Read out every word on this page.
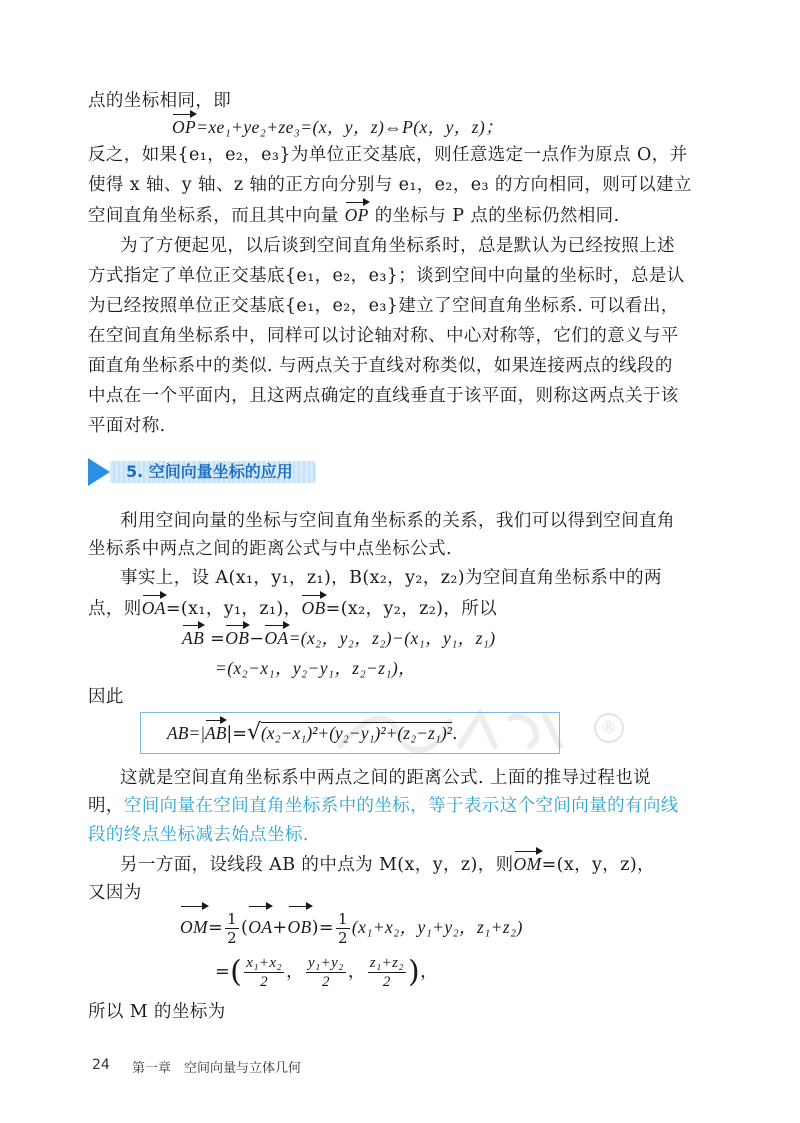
点的坐标相同，即
OP=xe₁+ye₂+ze₃=(x，y，z)⇔P(x，y，z)；
反之，如果{e₁，e₂，e₃}为单位正交基底，则任意选定一点作为原点 O，并
使得 x 轴、y 轴、z 轴的正方向分别与 e₁，e₂，e₃ 的方向相同，则可以建立
空间直角坐标系，而且其中向量 OP 的坐标与 P 点的坐标仍然相同.
为了方便起见，以后谈到空间直角坐标系时，总是默认为已经按照上述
方式指定了单位正交基底{e₁，e₂，e₃}；谈到空间中向量的坐标时，总是认
为已经按照单位正交基底{e₁，e₂，e₃}建立了空间直角坐标系. 可以看出，
在空间直角坐标系中，同样可以讨论轴对称、中心对称等，它们的意义与平
面直角坐标系中的类似. 与两点关于直线对称类似，如果连接两点的线段的
中点在一个平面内，且这两点确定的直线垂直于该平面，则称这两点关于该
平面对称.
5. 空间向量坐标的应用
利用空间向量的坐标与空间直角坐标系的关系，我们可以得到空间直角
坐标系中两点之间的距离公式与中点坐标公式.
事实上，设 A(x₁，y₁，z₁)，B(x₂，y₂，z₂)为空间直角坐标系中的两
点，则OA=(x₁，y₁，z₁)，OB=(x₂，y₂，z₂)，所以
AB =OB−OA=(x₂，y₂，z₂)−(x₁，y₁，z₁)
=(x₂−x₁，y₂−y₁，z₂−z₁)，
因此
AB=|AB|=√(x₂−x₁)²+(y₂−y₁)²+(z₂−z₁)².	®
这就是空间直角坐标系中两点之间的距离公式. 上面的推导过程也说
明，空间向量在空间直角坐标系中的坐标，等于表示这个空间向量的有向线
段的终点坐标减去始点坐标.
另一方面，设线段 AB 的中点为 M(x，y，z)，则OM=(x，y，z)，
又因为
$OM= \frac{1}{2} (OA+OB)= \frac{1}{2} (x_1+x_2$，y₁+y₂，z₁+z₂)
=( $\frac{\text{x₁+x₂}}{2}$ ， $\frac{\text{y₁+y₂}}{2}$ ， $\frac{\text{z₁+z₂}}{2}$ )，
所以 M 的坐标为
24 第一章　空间向量与立体几何
